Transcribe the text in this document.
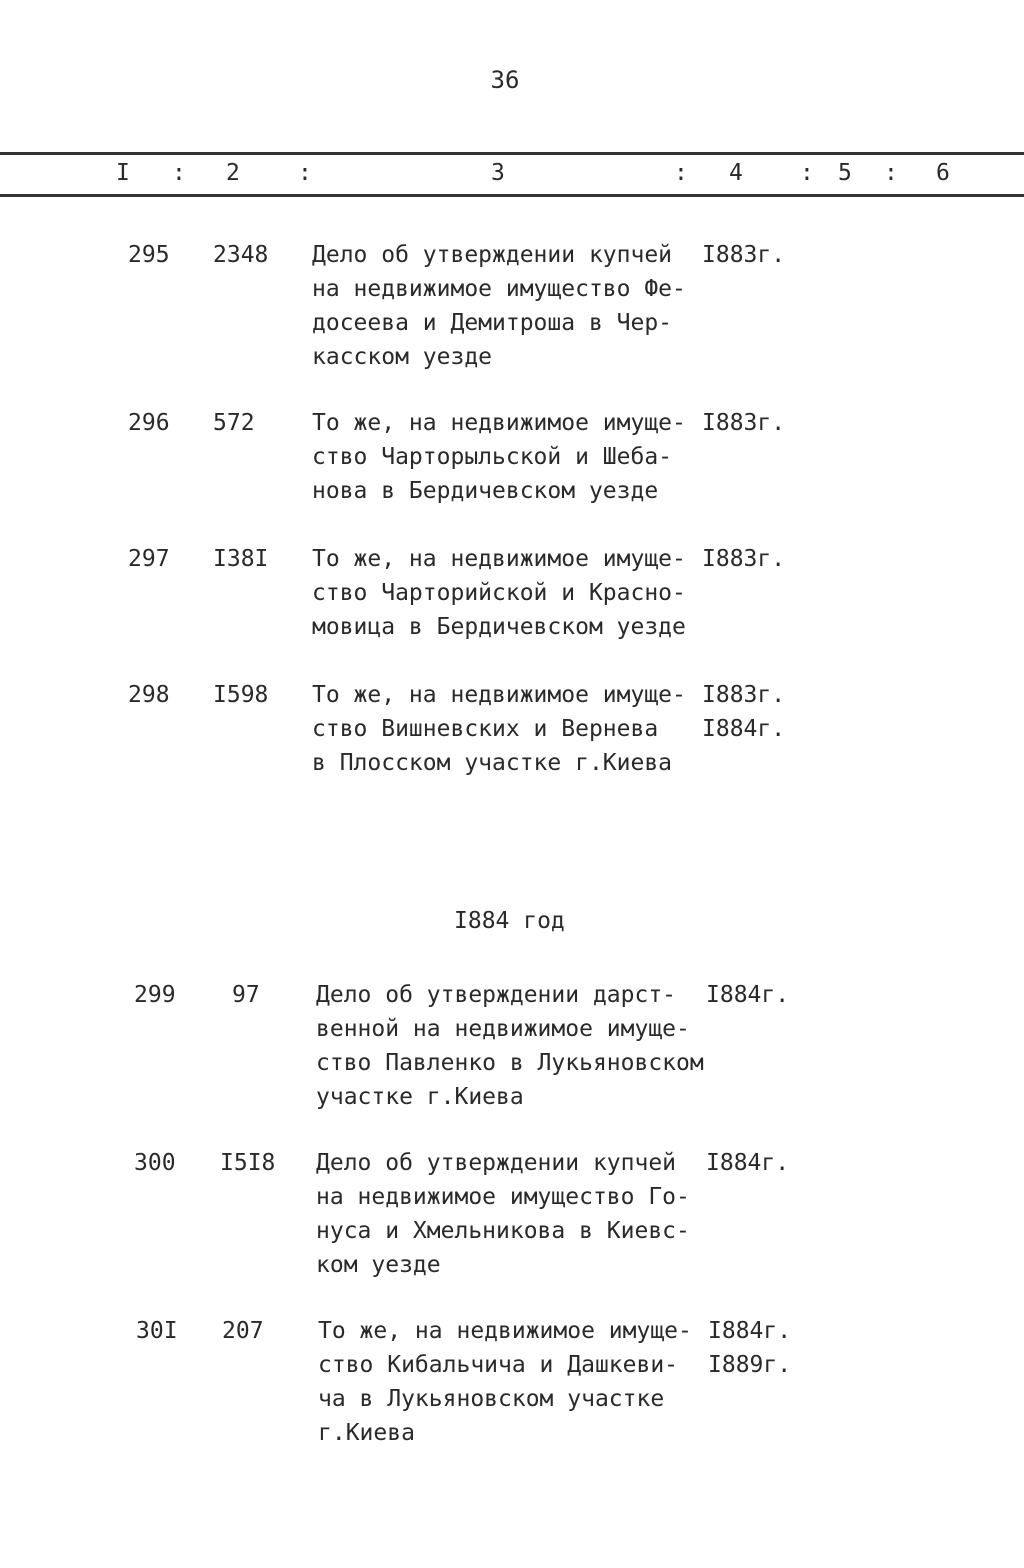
36
I : 2	:	3	: 4 : 5 : 6
295 2348 Дело об утверждении купчей
на недвижимое имущество Фе-
досеева и Демитроша в Чер-
касском уезде
I883г.
296 572 То же, на недвижимое имуще-
ство Чарторыльской и Шеба-
нова в Бердичевском уезде
I883г.
297 I38I То же, на недвижимое имуще-
ство Чарторийской и Красно-
мовица в Бердичевском уезде
I883г.
298 I598 То же, на недвижимое имуще-
ство Вишневских и Вернева
в Плосском участке г.Киева
I883г.
I884г.
I884 год
299 97 Дело об утверждении дарст-
венной на недвижимое имуще-
ство Павленко в Лукьяновском
участке г.Киева
I884г.
300 I5I8 Дело об утверждении купчей
на недвижимое имущество Го-
нуса и Хмельникова в Киевс-
ком уезде
I884г.
30I 207 То же, на недвижимое имуще-
ство Кибальчича и Дашкеви-
ча в Лукьяновском участке
г.Киева
I884г.
I889г.
